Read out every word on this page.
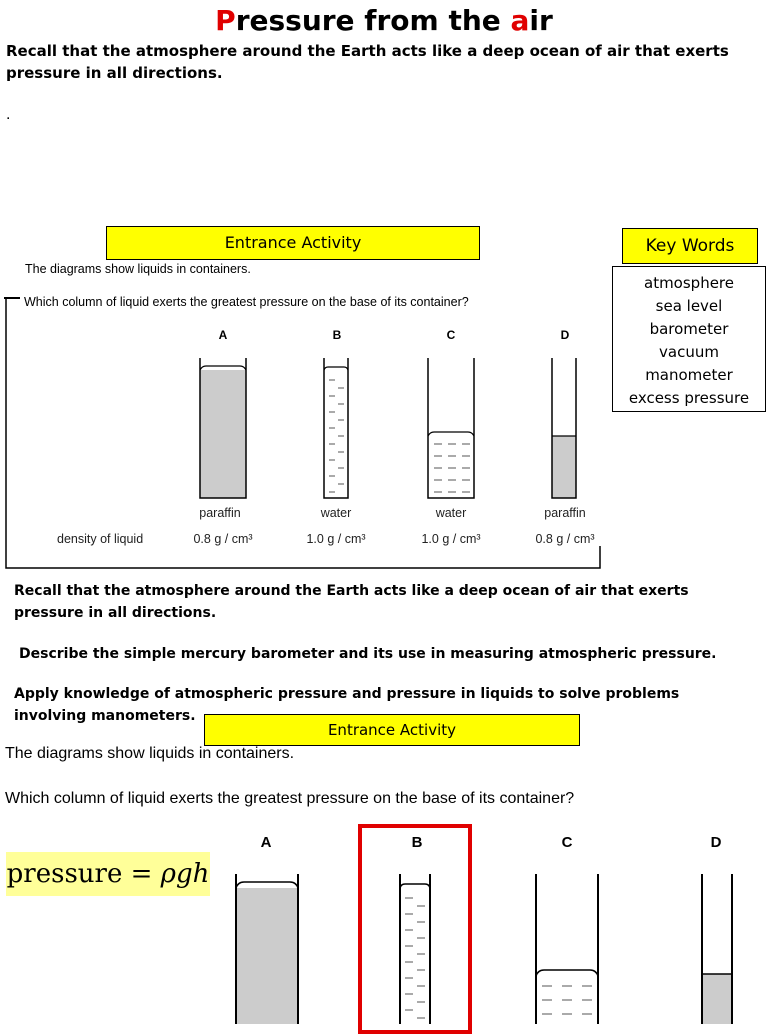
Pressure from the air
Recall that the atmosphere around the Earth acts like a deep ocean of air that exerts pressure in all directions.
.
Entrance Activity	Key Words
atmosphere
sea level
barometer
vacuum
manometer
excess pressure
The diagrams show liquids in containers.
Which column of liquid exerts the greatest pressure on the base of its container?
A	B	C	D
paraffin	water	water	paraffin
density of liquid	0.8 g / cm³	1.0 g / cm³	1.0 g / cm³	0.8 g / cm³
Recall that the atmosphere around the Earth acts like a deep ocean of air that exerts pressure in all directions.
Describe the simple mercury barometer and its use in measuring atmospheric pressure.
Apply knowledge of atmospheric pressure and pressure in liquids to solve problems involving manometers.
Entrance Activity
The diagrams show liquids in containers.
Which column of liquid exerts the greatest pressure on the base of its container?
A	B	C	D
pressure = ρgh
